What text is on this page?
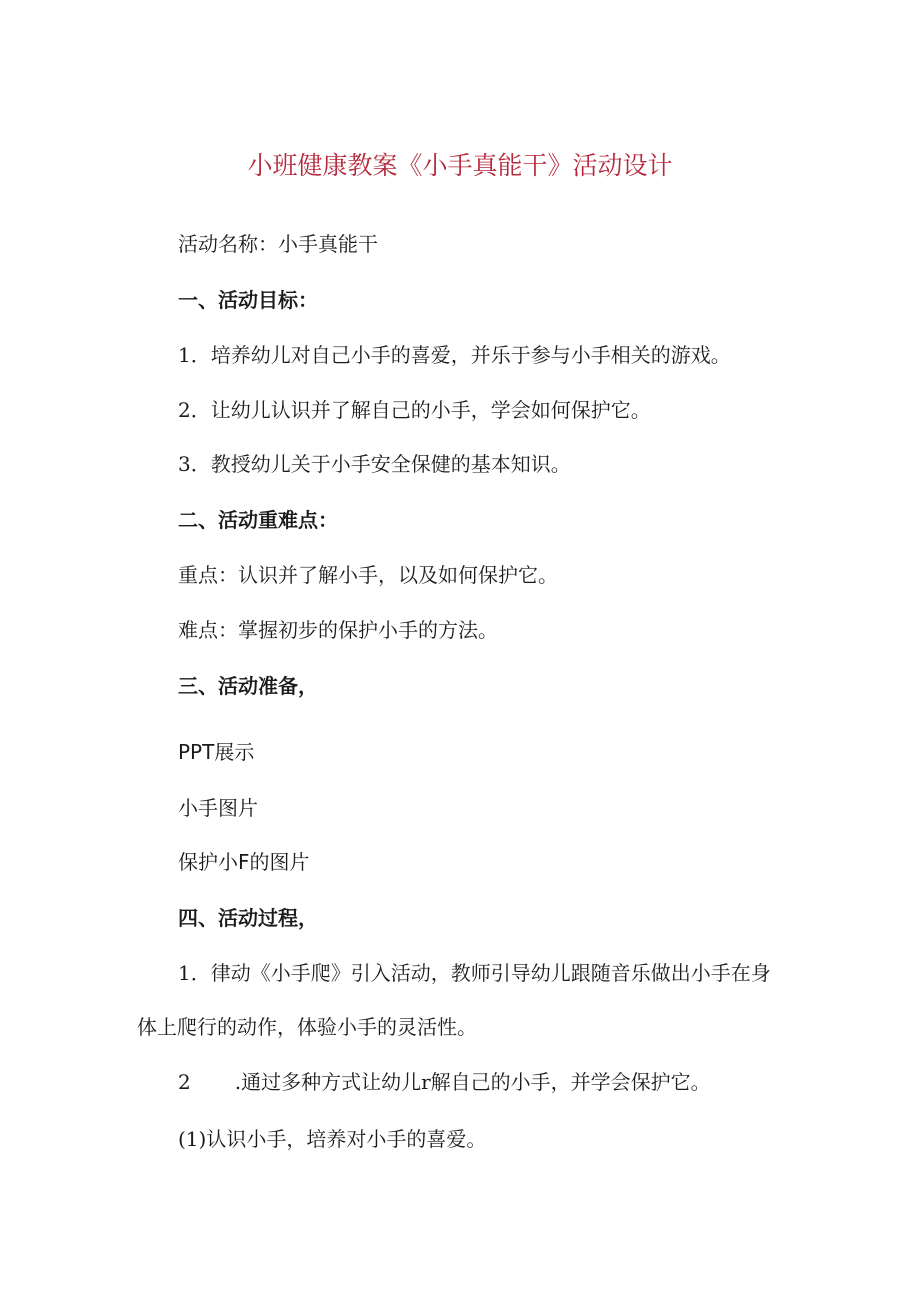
小班健康教案《小手真能干》活动设计
活动名称：小手真能干
一、活动目标：
1．培养幼儿对自己小手的喜爱，并乐于参与小手相关的游戏。
2．让幼儿认识并了解自己的小手，学会如何保护它。
3．教授幼儿关于小手安全保健的基本知识。
二、活动重难点：
重点：认识并了解小手，以及如何保护它。
难点：掌握初步的保护小手的方法。
三、活动准备，
PPT展示
小手图片
保护小F的图片
四、活动过程，
1．律动《小手爬》引入活动，教师引导幼儿跟随音乐做出小手在身
体上爬行的动作，体验小手的灵活性。
2 .通过多种方式让幼儿r解自己的小手，并学会保护它。
(1)认识小手，培养对小手的喜爱。
